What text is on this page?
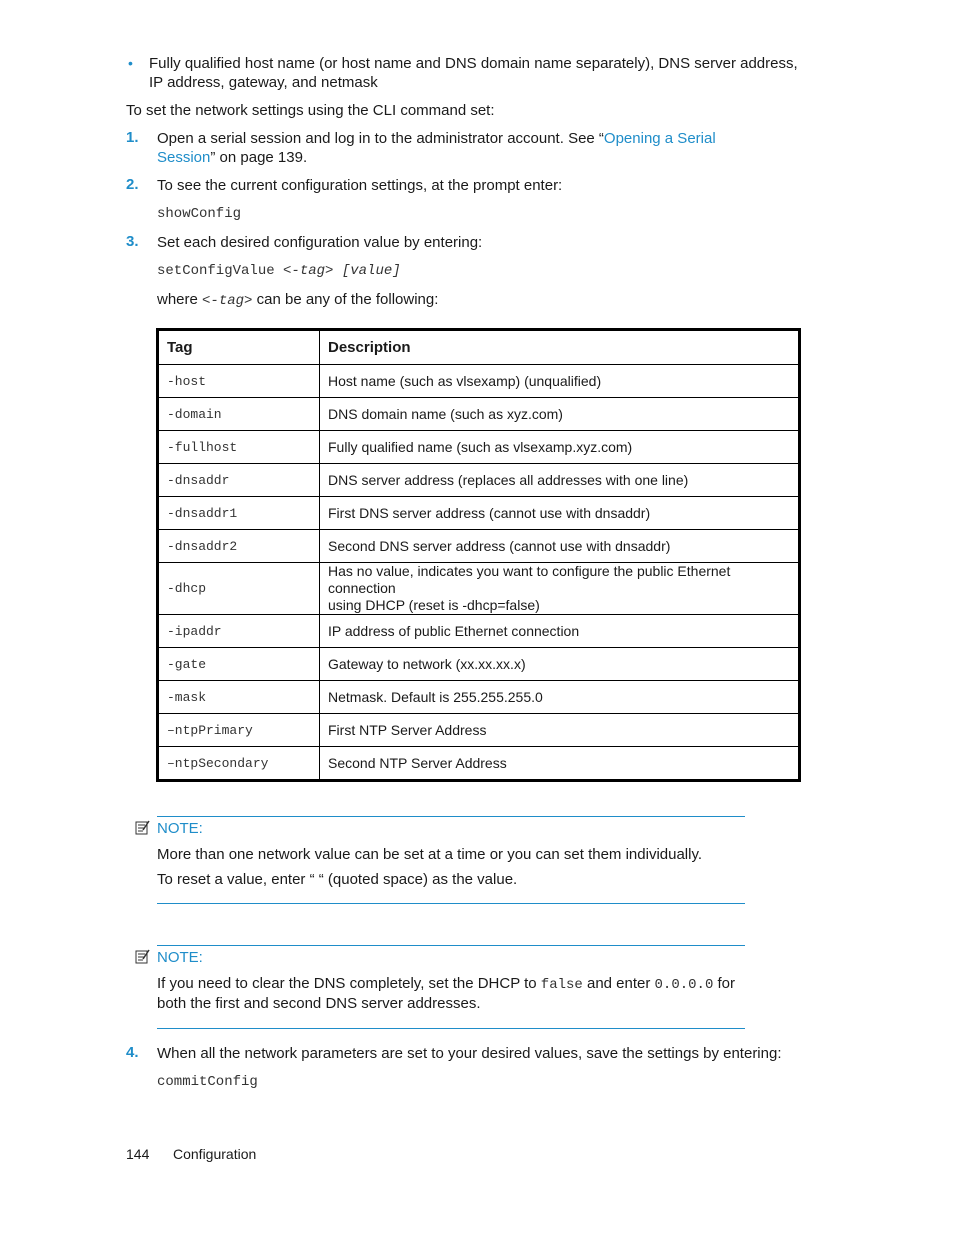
• Fully qualified host name (or host name and DNS domain name separately), DNS server address,
IP address, gateway, and netmask
To set the network settings using the CLI command set:
1. Open a serial session and log in to the administrator account. See “Opening a Serial
Session” on page 139.
2. To see the current configuration settings, at the prompt enter:
showConfig
3. Set each desired configuration value by entering:
setConfigValue <-tag> [value]
where <-tag> can be any of the following:
Tag	Description
-host	Host name (such as vlsexamp) (unqualified)
-domain	DNS domain name (such as xyz.com)
-fullhost	Fully qualified name (such as vlsexamp.xyz.com)
-dnsaddr	DNS server address (replaces all addresses with one line)
-dnsaddr1	First DNS server address (cannot use with dnsaddr)
-dnsaddr2	Second DNS server address (cannot use with dnsaddr)
-dhcp	Has no value, indicates you want to configure the public Ethernet connection
using DHCP (reset is -dhcp=false)

-ipaddr	IP address of public Ethernet connection
-gate	Gateway to network (xx.xx.xx.x)
-mask	Netmask. Default is 255.255.255.0
–ntpPrimary	First NTP Server Address
–ntpSecondary	Second NTP Server Address
NOTE:
More than one network value can be set at a time or you can set them individually.
To reset a value, enter “ “ (quoted space) as the value.
NOTE:
If you need to clear the DNS completely, set the DHCP to false and enter 0.0.0.0 for
both the first and second DNS server addresses.
4. When all the network parameters are set to your desired values, save the settings by entering:
commitConfig
144 Configuration
